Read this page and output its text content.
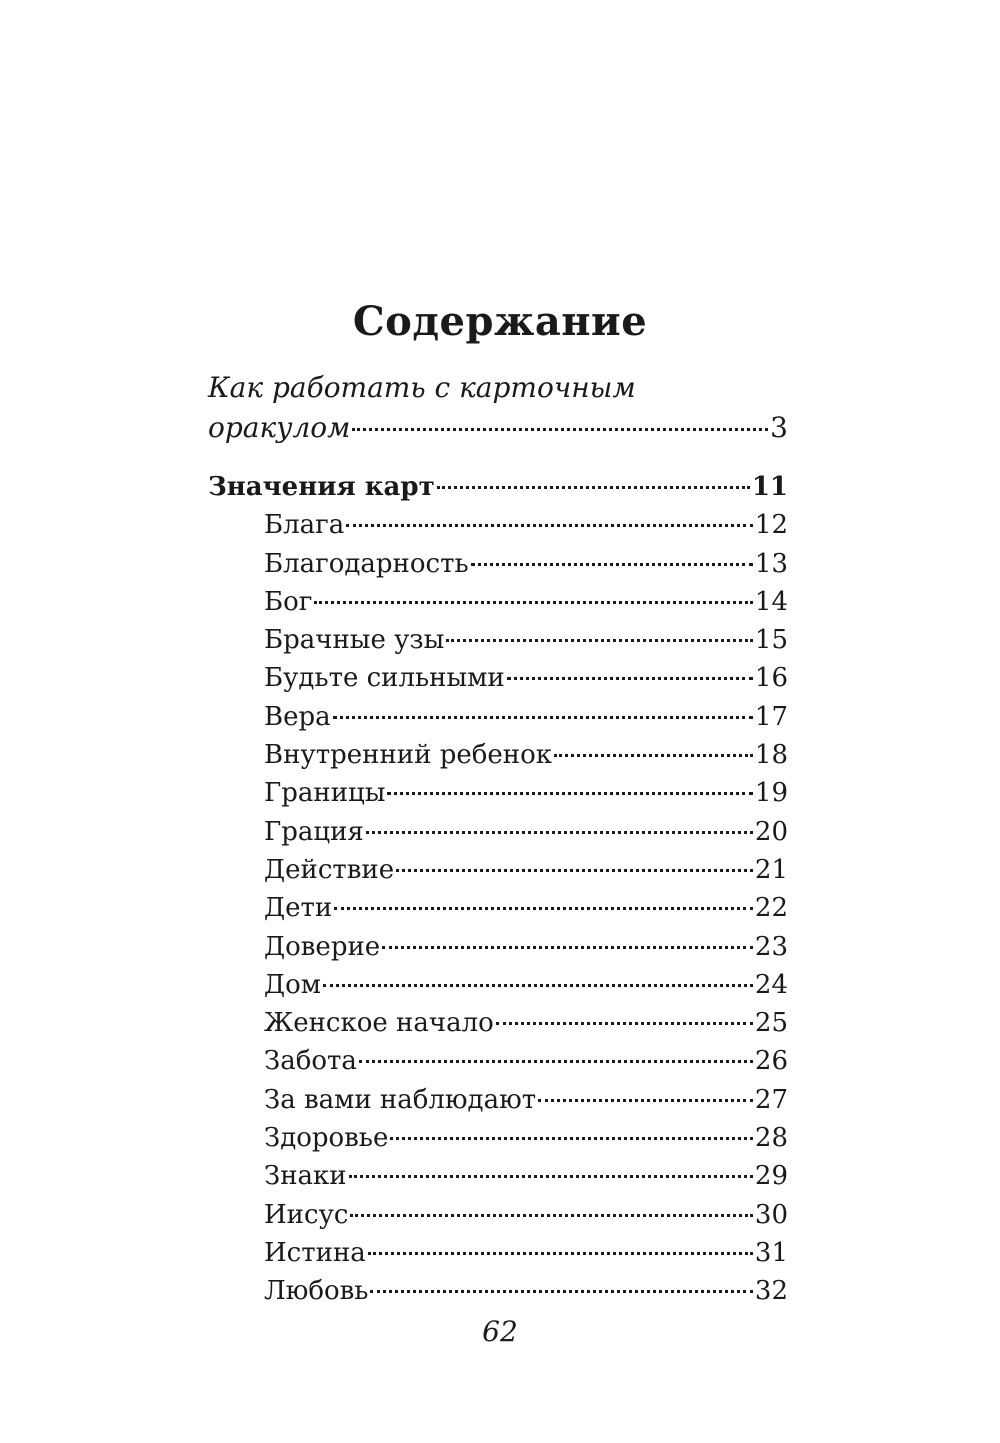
Содержание
Как работать с карточным
оракулом	3
Значения карт	11
Блага	12
Благодарность	13
Бог	14
Брачные узы	15
Будьте сильными	16
Вера	17
Внутренний ребенок	18
Границы	19
Грация	20
Действие	21
Дети	22
Доверие	23
Дом	24
Женское начало	25
Забота	26
За вами наблюдают	27
Здоровье	28
Знаки	29
Иисус	30
Истина	31
Любовь	32
62
